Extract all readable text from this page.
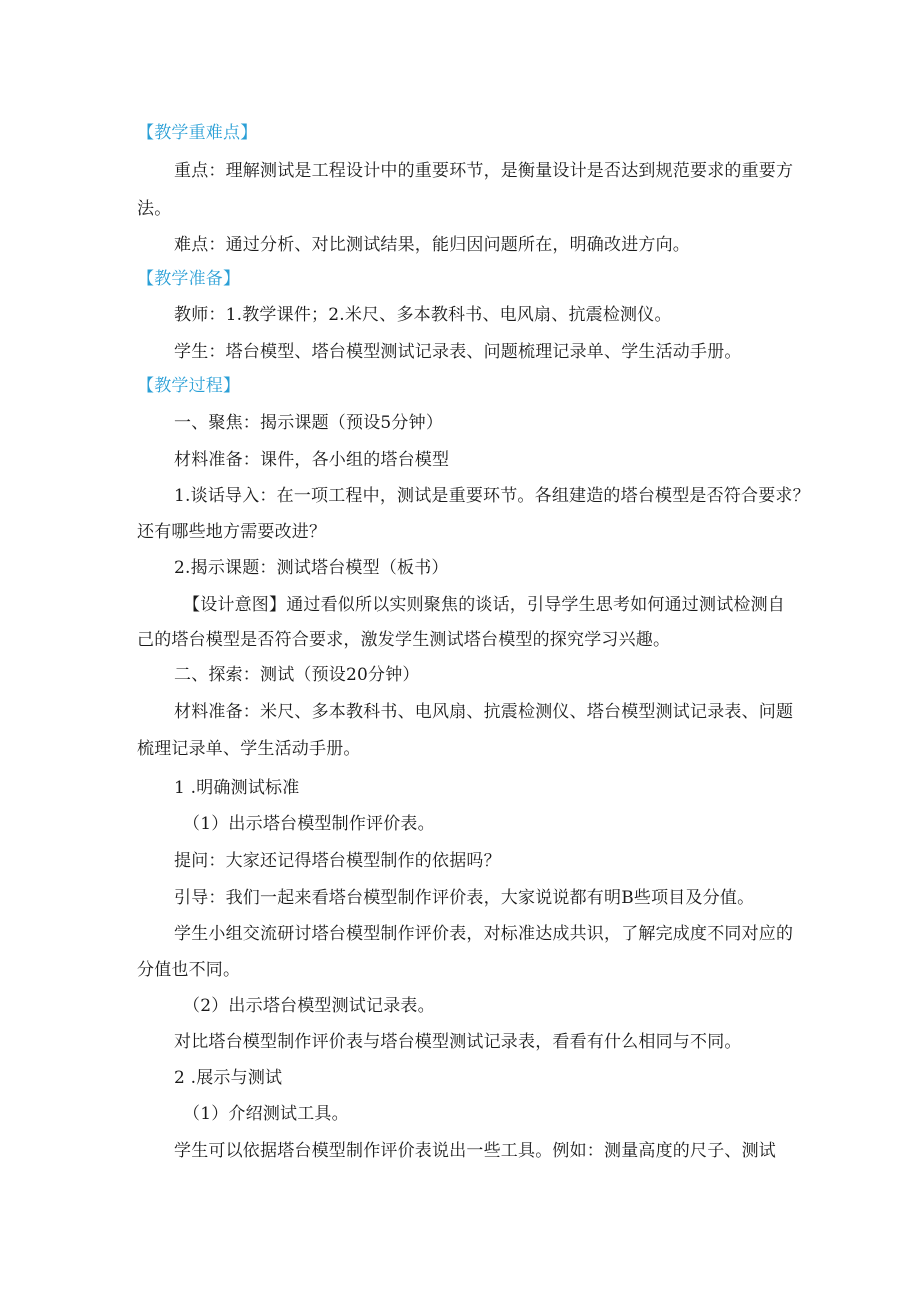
【教学重难点】
重点：理解测试是工程设计中的重要环节，是衡量设计是否达到规范要求的重要方
法。
难点：通过分析、对比测试结果，能归因问题所在，明确改进方向。
【教学准备】
教师：1.教学课件；2.米尺、多本教科书、电风扇、抗震检测仪。
学生：塔台模型、塔台模型测试记录表、问题梳理记录单、学生活动手册。
【教学过程】
一、聚焦：揭示课题（预设5分钟）
材料准备：课件，各小组的塔台模型
1.谈话导入：在一项工程中，测试是重要环节。各组建造的塔台模型是否符合要求？
还有哪些地方需要改进？
2.揭示课题：测试塔台模型（板书）
【设计意图】通过看似所以实则聚焦的谈话，引导学生思考如何通过测试检测自
己的塔台模型是否符合要求，激发学生测试塔台模型的探究学习兴趣。
二、探索：测试（预设20分钟）
材料准备：米尺、多本教科书、电风扇、抗震检测仪、塔台模型测试记录表、问题
梳理记录单、学生活动手册。
1 .明确测试标准
（1）出示塔台模型制作评价表。
提问：大家还记得塔台模型制作的依据吗？
引导：我们一起来看塔台模型制作评价表，大家说说都有明B些项目及分值。
学生小组交流研讨塔台模型制作评价表，对标准达成共识，了解完成度不同对应的
分值也不同。
（2）出示塔台模型测试记录表。
对比塔台模型制作评价表与塔台模型测试记录表，看看有什么相同与不同。
2 .展示与测试
（1）介绍测试工具。
学生可以依据塔台模型制作评价表说出一些工具。例如：测量高度的尺子、测试
